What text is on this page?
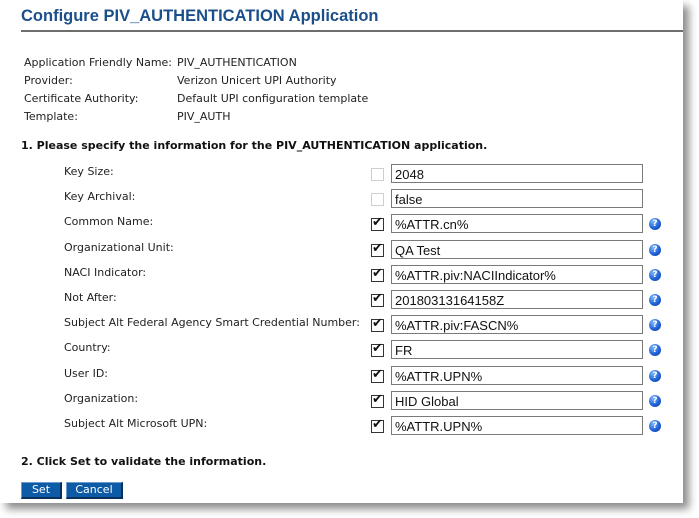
Configure PIV_AUTHENTICATION Application
Application Friendly Name: PIV_AUTHENTICATION
Provider:	Verizon Unicert UPI Authority
Certificate Authority:	Default UPI configuration template
Template:	PIV_AUTH
1. Please specify the information for the PIV_AUTHENTICATION application.
Key Size:	2048
Key Archival:	false
Common Name:	✔ %ATTR.cn%	?
Organizational Unit:	✔ QA Test	?
NACI Indicator:	✔ %ATTR.piv:NACIIndicator%	?
Not After:	✔ 20180313164158Z	?
Subject Alt Federal Agency Smart Credential Number: ✔ %ATTR.piv:FASCN%	?
Country:	✔ FR	?
User ID:	✔ %ATTR.UPN%	?
Organization:	✔ HID Global	?
Subject Alt Microsoft UPN:	✔ %ATTR.UPN%	?
2. Click Set to validate the information.
Set	Cancel
